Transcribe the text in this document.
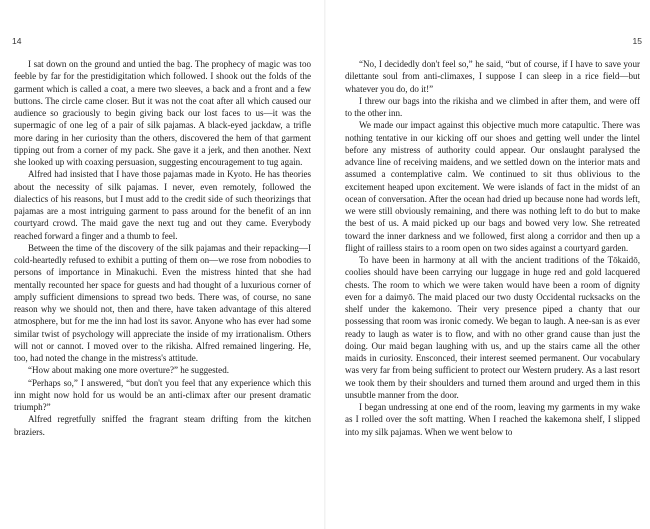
14

I sat down on the ground and untied the bag. The prophecy of magic was too feeble by far for the prestidigitation which followed. I shook out the folds of the garment which is called a coat, a mere two sleeves, a back and a front and a few buttons. The circle came closer. But it was not the coat after all which caused our audience so graciously to begin giving back our lost faces to us—it was the supermagic of one leg of a pair of silk pajamas. A black-eyed jackdaw, a trifle more daring in her curiosity than the others, discovered the hem of that garment tipping out from a corner of my pack. She gave it a jerk, and then another. Next she looked up with coaxing persuasion, suggesting encouragement to tug again.

Alfred had insisted that I have those pajamas made in Kyoto. He has theories about the necessity of silk pajamas. I never, even remotely, followed the dialectics of his reasons, but I must add to the credit side of such theorizings that pajamas are a most intriguing garment to pass around for the benefit of an inn courtyard crowd. The maid gave the next tug and out they came. Everybody reached forward a finger and a thumb to feel.

Between the time of the discovery of the silk pajamas and their repacking—I cold-heartedly refused to exhibit a putting of them on—we rose from nobodies to persons of importance in Minakuchi. Even the mistress hinted that she had mentally recounted her space for guests and had thought of a luxurious corner of amply sufficient dimensions to spread two beds. There was, of course, no sane reason why we should not, then and there, have taken advantage of this altered atmosphere, but for me the inn had lost its savor. Anyone who has ever had some similar twist of psychology will appreciate the inside of my irrationalism. Others will not or cannot. I moved over to the rikisha. Alfred remained lingering. He, too, had noted the change in the mistress's attitude.

“How about making one more overture?” he suggested.

“Perhaps so,” I answered, “but don't you feel that any experience which this inn might now hold for us would be an anti-climax after our present dramatic triumph?”

Alfred regretfully sniffed the fragrant steam drifting from the kitchen braziers.

15

“No, I decidedly don't feel so,” he said, “but of course, if I have to save your dilettante soul from anti-climaxes, I suppose I can sleep in a rice field—but whatever you do, do it!”

I threw our bags into the rikisha and we climbed in after them, and were off to the other inn.

We made our impact against this objective much more catapultic. There was nothing tentative in our kicking off our shoes and getting well under the lintel before any mistress of authority could appear. Our onslaught paralysed the advance line of receiving maidens, and we settled down on the interior mats and assumed a contemplative calm. We continued to sit thus oblivious to the excitement heaped upon excitement. We were islands of fact in the midst of an ocean of conversation. After the ocean had dried up because none had words left, we were still obviously remaining, and there was nothing left to do but to make the best of us. A maid picked up our bags and bowed very low. She retreated toward the inner darkness and we followed, first along a corridor and then up a flight of railless stairs to a room open on two sides against a courtyard garden.

To have been in harmony at all with the ancient traditions of the Tōkaidō, coolies should have been carrying our luggage in huge red and gold lacquered chests. The room to which we were taken would have been a room of dignity even for a daimyō. The maid placed our two dusty Occidental rucksacks on the shelf under the kakemono. Their very presence piped a chanty that our possessing that room was ironic comedy. We began to laugh. A nee-san is as ever ready to laugh as water is to flow, and with no other grand cause than just the doing. Our maid began laughing with us, and up the stairs came all the other maids in curiosity. Ensconced, their interest seemed permanent. Our vocabulary was very far from being sufficient to protect our Western prudery. As a last resort we took them by their shoulders and turned them around and urged them in this unsubtle manner from the door.

I began undressing at one end of the room, leaving my garments in my wake as I rolled over the soft matting. When I reached the kakemona shelf, I slipped into my silk pajamas. When we went below to
